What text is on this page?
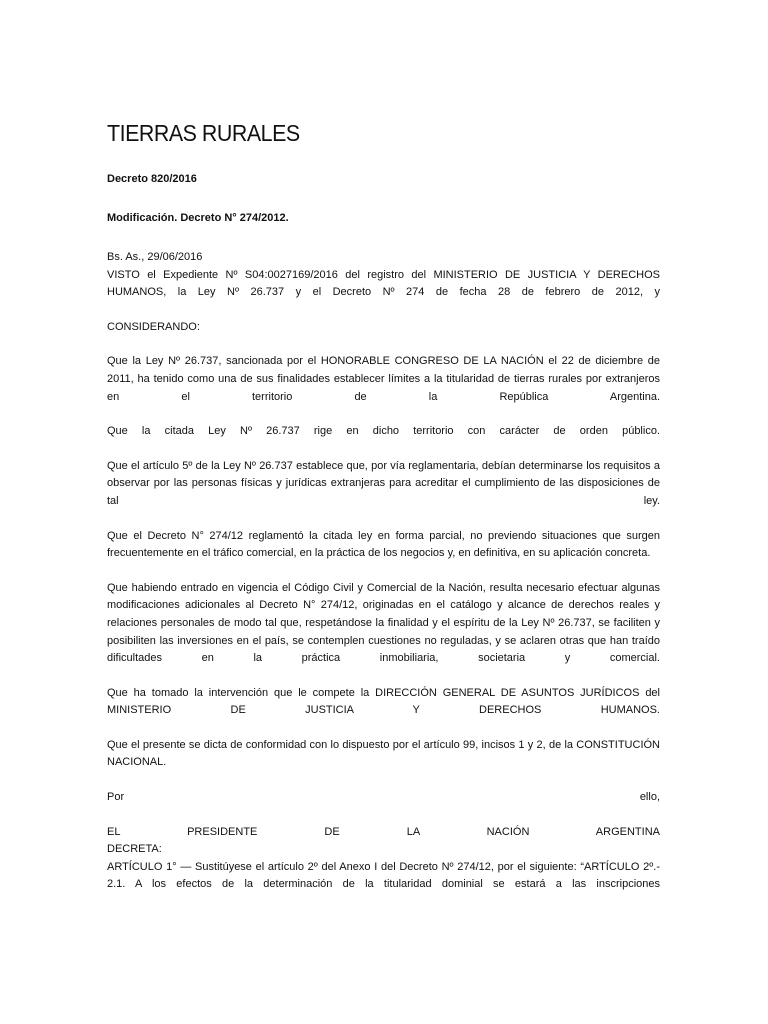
TIERRAS RURALES
Decreto 820/2016
Modificación. Decreto N° 274/2012.

Bs. As., 29/06/2016

VISTO el Expediente Nº S04:0027169/2016 del registro del MINISTERIO DE JUSTICIA Y DERECHOS HUMANOS, la Ley Nº 26.737 y el Decreto Nº 274 de fecha 28 de febrero de 2012, y

CONSIDERANDO:

Que la Ley Nº 26.737, sancionada por el HONORABLE CONGRESO DE LA NACIÓN el 22 de diciembre de 2011, ha tenido como una de sus finalidades establecer límites a la titularidad de tierras rurales por extranjeros en el territorio de la República Argentina.

Que la citada Ley Nº 26.737 rige en dicho territorio con carácter de orden público.

Que el artículo 5º de la Ley Nº 26.737 establece que, por vía reglamentaria, debían determinarse los requisitos a observar por las personas físicas y jurídicas extranjeras para acreditar el cumplimiento de las disposiciones de tal ley.

Que el Decreto N° 274/12 reglamentó la citada ley en forma parcial, no previendo situaciones que surgen frecuentemente en el tráfico comercial, en la práctica de los negocios y, en definitiva, en su aplicación concreta.

Que habiendo entrado en vigencia el Código Civil y Comercial de la Nación, resulta necesario efectuar algunas modificaciones adicionales al Decreto N° 274/12, originadas en el catálogo y alcance de derechos reales y relaciones personales de modo tal que, respetándose la finalidad y el espíritu de la Ley Nº 26.737, se faciliten y posibiliten las inversiones en el país, se contemplen cuestiones no reguladas, y se aclaren otras que han traído dificultades en la práctica inmobiliaria, societaria y comercial.

Que ha tomado la intervención que le compete la DIRECCIÓN GENERAL DE ASUNTOS JURÍDICOS del MINISTERIO DE JUSTICIA Y DERECHOS HUMANOS.

Que el presente se dicta de conformidad con lo dispuesto por el artículo 99, incisos 1 y 2, de la CONSTITUCIÓN NACIONAL.

Por ello,

EL PRESIDENTE DE LA NACIÓN ARGENTINA

DECRETA:

ARTÍCULO 1° — Sustitúyese el artículo 2º del Anexo I del Decreto Nº 274/12, por el siguiente: “ARTÍCULO 2º.- 2.1. A los efectos de la determinación de la titularidad dominial se estará a las inscripciones
